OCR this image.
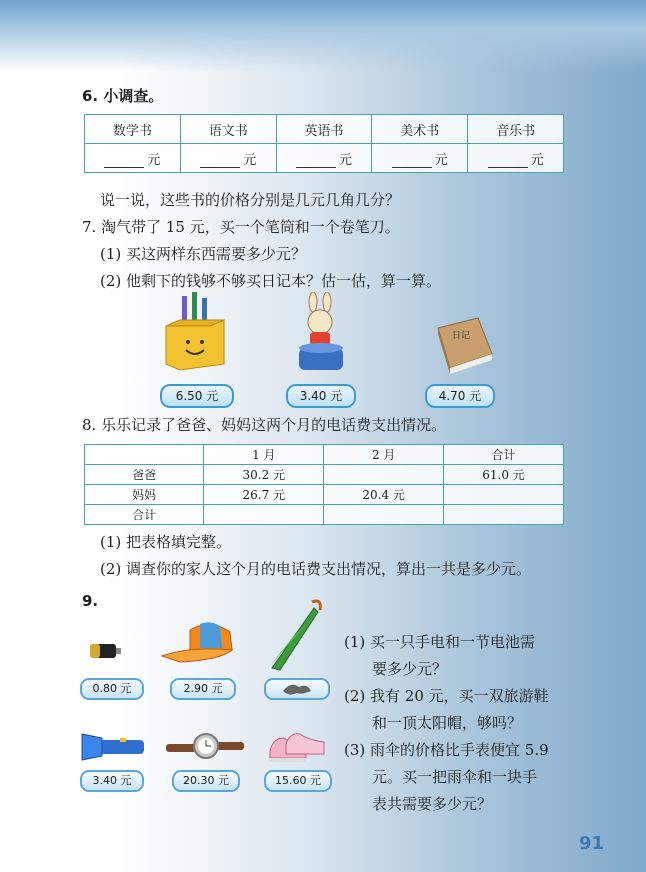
6. 小调查。
数学书	语文书	英语书	美术书	音乐书
元	元	元	元	元
说一说，这些书的价格分别是几元几角几分？
7. 淘气带了 15 元，买一个笔筒和一个卷笔刀。
(1) 买这两样东西需要多少元？
(2) 他剩下的钱够不够买日记本？估一估，算一算。
6.50 元	3.40 元
日记
4.70 元
8. 乐乐记录了爸爸、妈妈这两个月的电话费支出情况。
	1 月	2 月	合计
爸爸	30.2 元		61.0 元
妈妈	26.7 元	20.4 元	
合计			
(1) 把表格填完整。
(2) 调查你的家人这个月的电话费支出情况，算出一共是多少元。
9.
0.80 元	2.90 元
3.40 元	20.30 元	15.60 元
(1) 买一只手电和一节电池需
要多少元？
(2) 我有 20 元，买一双旅游鞋
和一顶太阳帽，够吗？
(3) 雨伞的价格比手表便宜 5.9
元。买一把雨伞和一块手
表共需要多少元？
91
